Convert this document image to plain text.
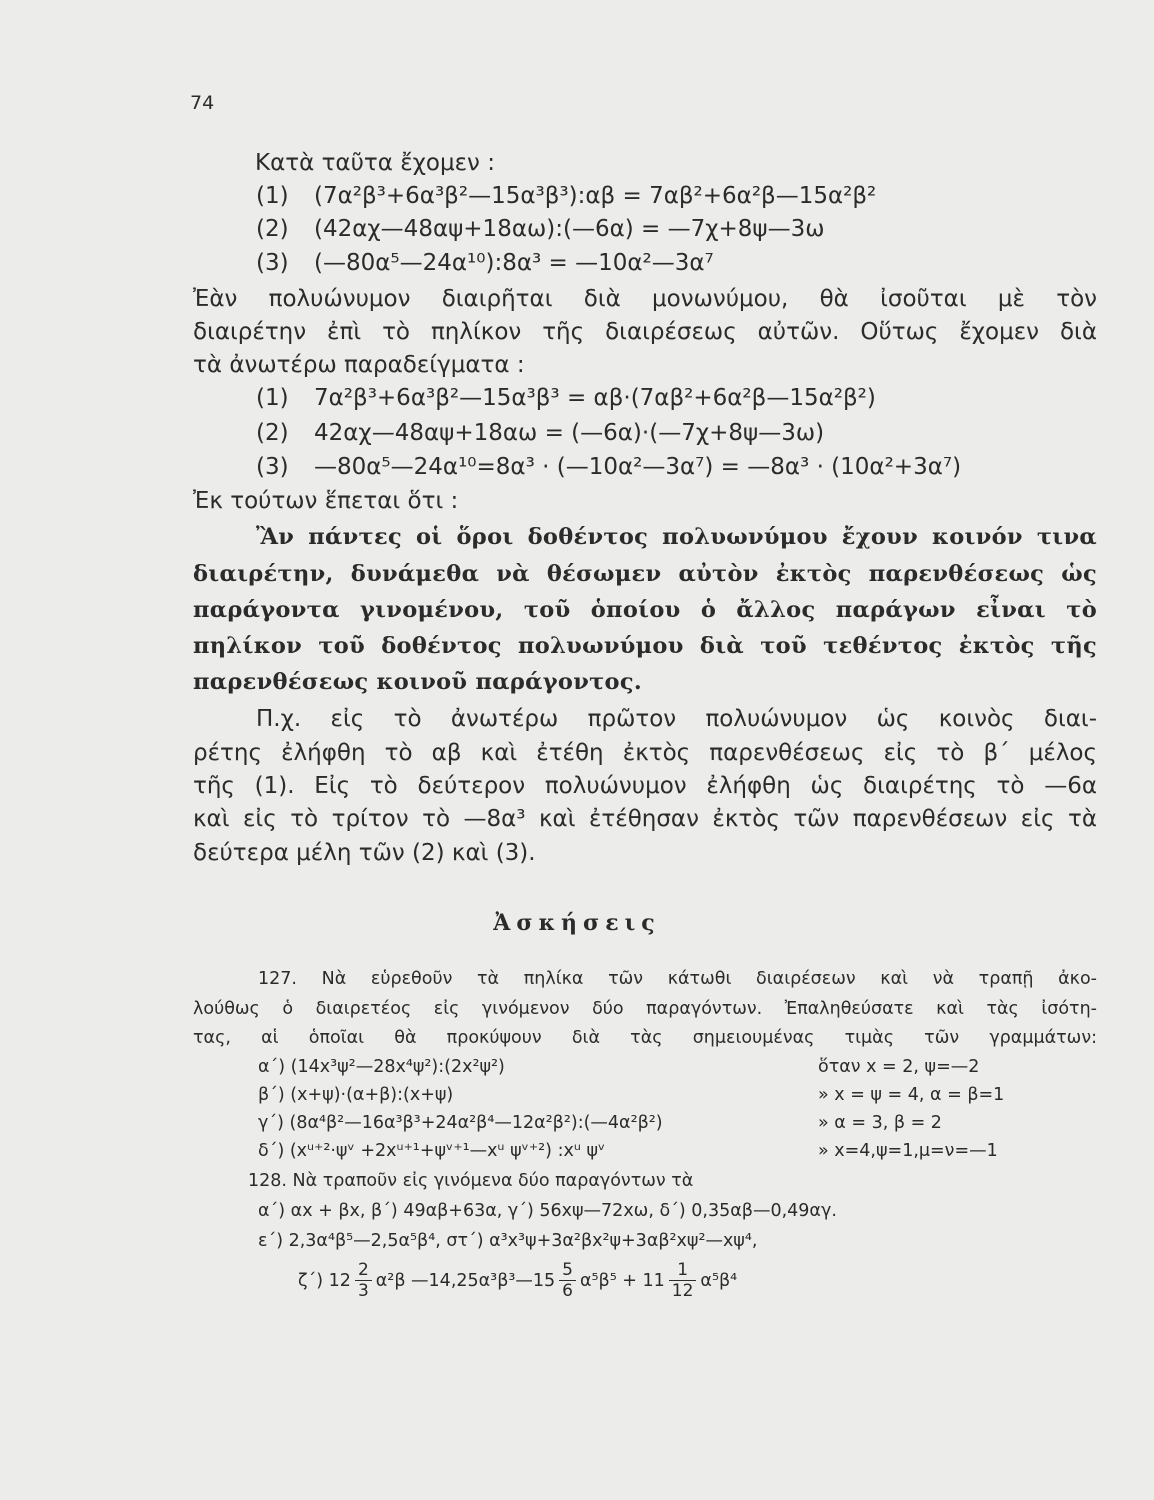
74
Κατὰ ταῦτα ἔχομεν :
(1) (7α²β³+6α³β²—15α³β³):αβ = 7αβ²+6α²β—15α²β²
(2) (42αχ—48αψ+18αω):(—6α) = —7χ+8ψ—3ω
(3) (—80α⁵—24α¹⁰):8α³ = —10α²—3α⁷
Ἐὰν πολυώνυμον διαιρῆται διὰ μονωνύμου, θὰ ἰσοῦται μὲ τὸν
διαιρέτην ἐπὶ τὸ πηλίκον τῆς διαιρέσεως αὐτῶν. Οὕτως ἔχομεν διὰ
τὰ ἀνωτέρω παραδείγματα :
(1) 7α²β³+6α³β²—15α³β³ = αβ·(7αβ²+6α²β—15α²β²)
(2) 42αχ—48αψ+18αω = (—6α)·(—7χ+8ψ—3ω)
(3) —80α⁵—24α¹⁰=8α³ · (—10α²—3α⁷) = —8α³ · (10α²+3α⁷)
Ἐκ τούτων ἕπεται ὅτι :
Ἂν πάντες οἱ ὅροι δοθέντος πολυωνύμου ἔχουν κοινόν τινα
διαιρέτην, δυνάμεθα νὰ θέσωμεν αὐτὸν ἐκτὸς παρενθέσεως ὡς
παράγοντα γινομένου, τοῦ ὁποίου ὁ ἄλλος παράγων εἶναι τὸ
πηλίκον τοῦ δοθέντος πολυωνύμου διὰ τοῦ τεθέντος ἐκτὸς τῆς
παρενθέσεως κοινοῦ παράγοντος.
Π.χ. εἰς τὸ ἀνωτέρω πρῶτον πολυώνυμον ὡς κοινὸς διαι-
ρέτης ἐλήφθη τὸ αβ καὶ ἐτέθη ἐκτὸς παρενθέσεως εἰς τὸ β΄ μέλος
τῆς (1). Εἰς τὸ δεύτερον πολυώνυμον ἐλήφθη ὡς διαιρέτης τὸ —6α
καὶ εἰς τὸ τρίτον τὸ —8α³ καὶ ἐτέθησαν ἐκτὸς τῶν παρενθέσεων εἰς τὰ
δεύτερα μέλη τῶν (2) καὶ (3).
Ἀσκήσεις
127. Νὰ εὑρεθοῦν τὰ πηλίκα τῶν κάτωθι διαιρέσεων καὶ νὰ τραπῇ ἀκο-
λούθως ὁ διαιρετέος εἰς γινόμενον δύο παραγόντων. Ἐπαληθεύσατε καὶ τὰς ἰσότη-
τας, αἱ ὁποῖαι θὰ προκύψουν διὰ τὰς σημειουμένας τιμὰς τῶν γραμμάτων:
α΄) (14x³ψ²—28x⁴ψ²):(2x²ψ²)	ὅταν x = 2, ψ=—2
β΄) (x+ψ)·(α+β):(x+ψ)	» x = ψ = 4, α = β=1
γ΄) (8α⁴β²—16α³β³+24α²β⁴—12α²β²):(—4α²β²)	» α = 3, β = 2
δ΄) (xᵘ⁺²·ψᵛ +2xᵘ⁺¹+ψᵛ⁺¹—xᵘ ψᵛ⁺²) :xᵘ ψᵛ	» x=4,ψ=1,μ=ν=—1
128. Νὰ τραποῦν εἰς γινόμενα δύο παραγόντων τὰ
α΄) αx + βx, β΄) 49αβ+63α, γ΄) 56xψ—72xω, δ΄) 0,35αβ—0,49αγ.
ε΄) 2,3α⁴β⁵—2,5α⁵β⁴, στ΄) α³x³ψ+3α²βx²ψ+3αβ²xψ²—xψ⁴,
ζ΄) $12 \frac{2}{3} \alpha^2\beta$ —14,25α³β³—15 $\frac{5}{6} \alpha^5\beta^5 + 11 \frac{1}{12} \alpha^5\beta^4$
